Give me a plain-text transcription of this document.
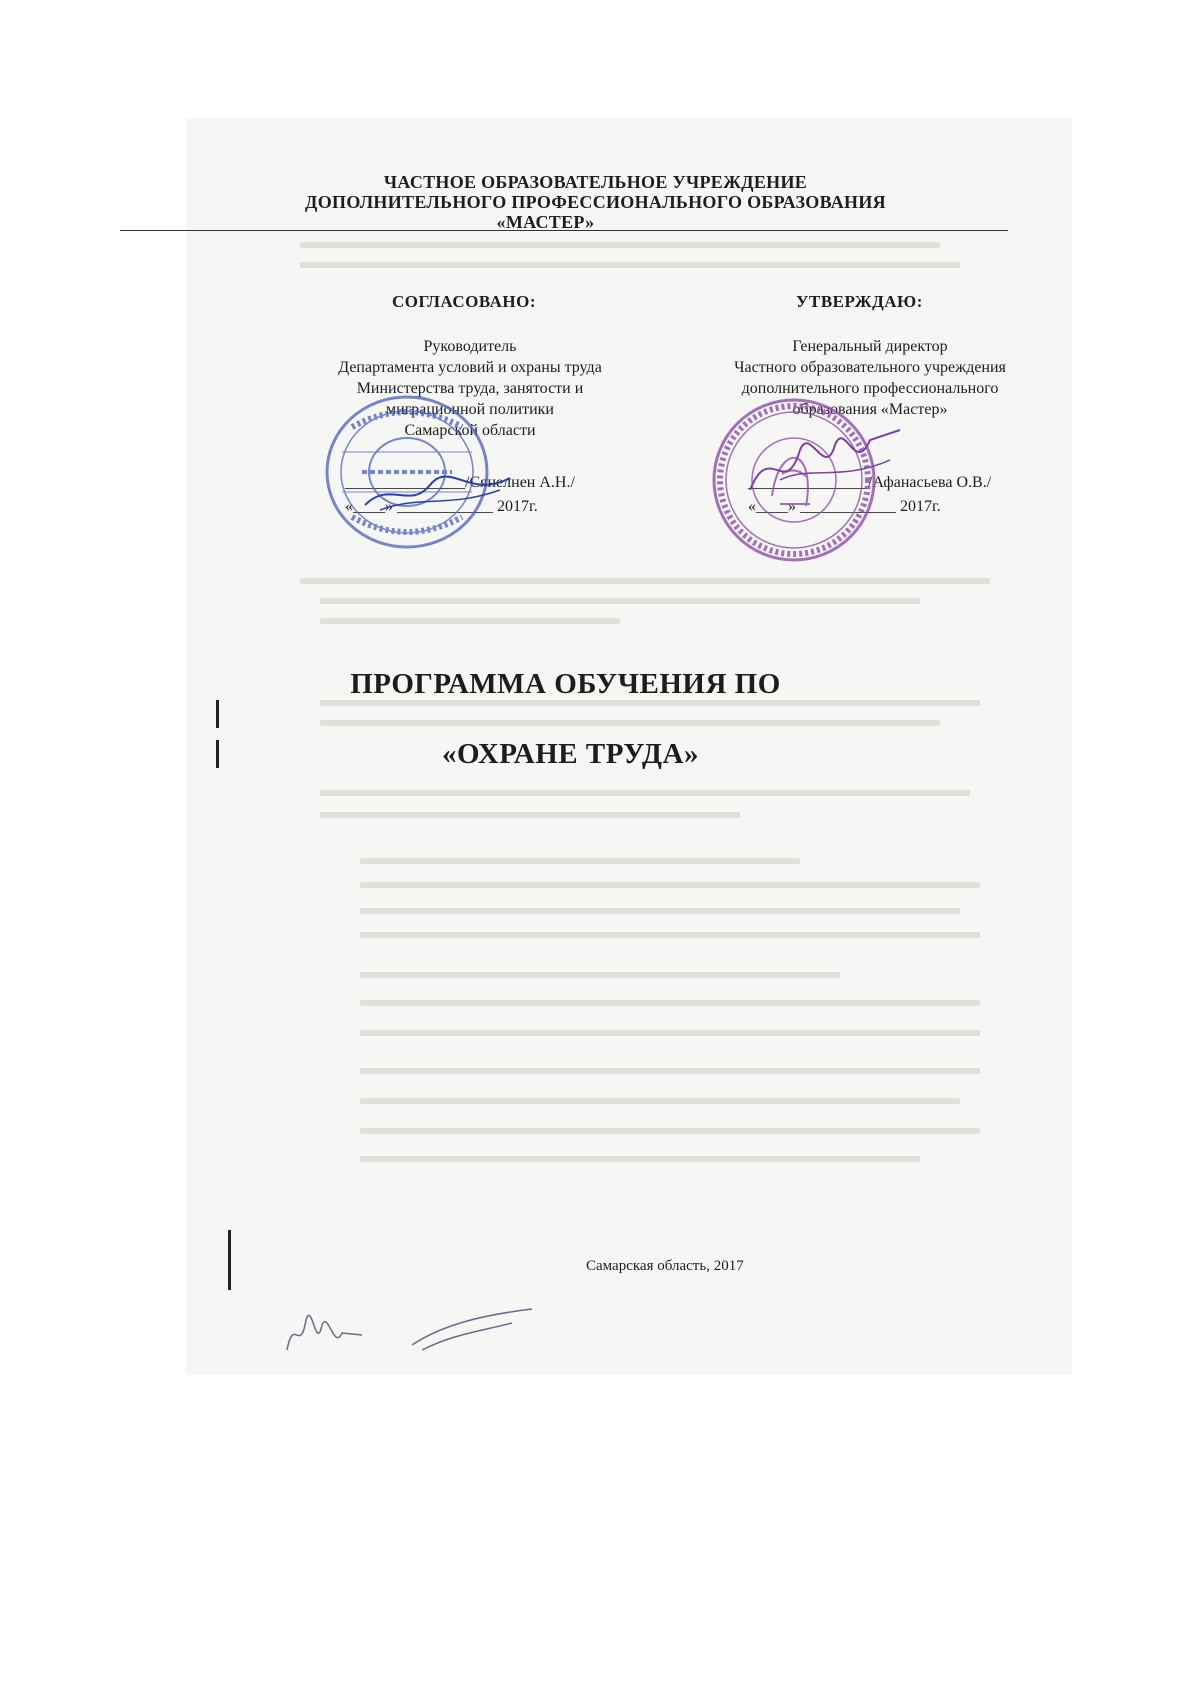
ЧАСТНОЕ ОБРАЗОВАТЕЛЬНОЕ УЧРЕЖДЕНИЕ
ДОПОЛНИТЕЛЬНОГО ПРОФЕССИОНАЛЬНОГО ОБРАЗОВАНИЯ
«МАСТЕР»
СОГЛАСОВАНО:
Руководитель
Департамента условий и охраны труда
Министерства труда, занятости и
миграционной политики
Самарской области
_______________/Сянелнен А.Н./
«____» ____________ 2017г.
УТВЕРЖДАЮ:
Генеральный директор
Частного образовательного учреждения
дополнительного профессионального
образования «Мастер»
_______________/Афанасьева О.В./
«____» ____________ 2017г.
ПРОГРАММА ОБУЧЕНИЯ ПО
«ОХРАНЕ ТРУДА»
Самарская область, 2017
